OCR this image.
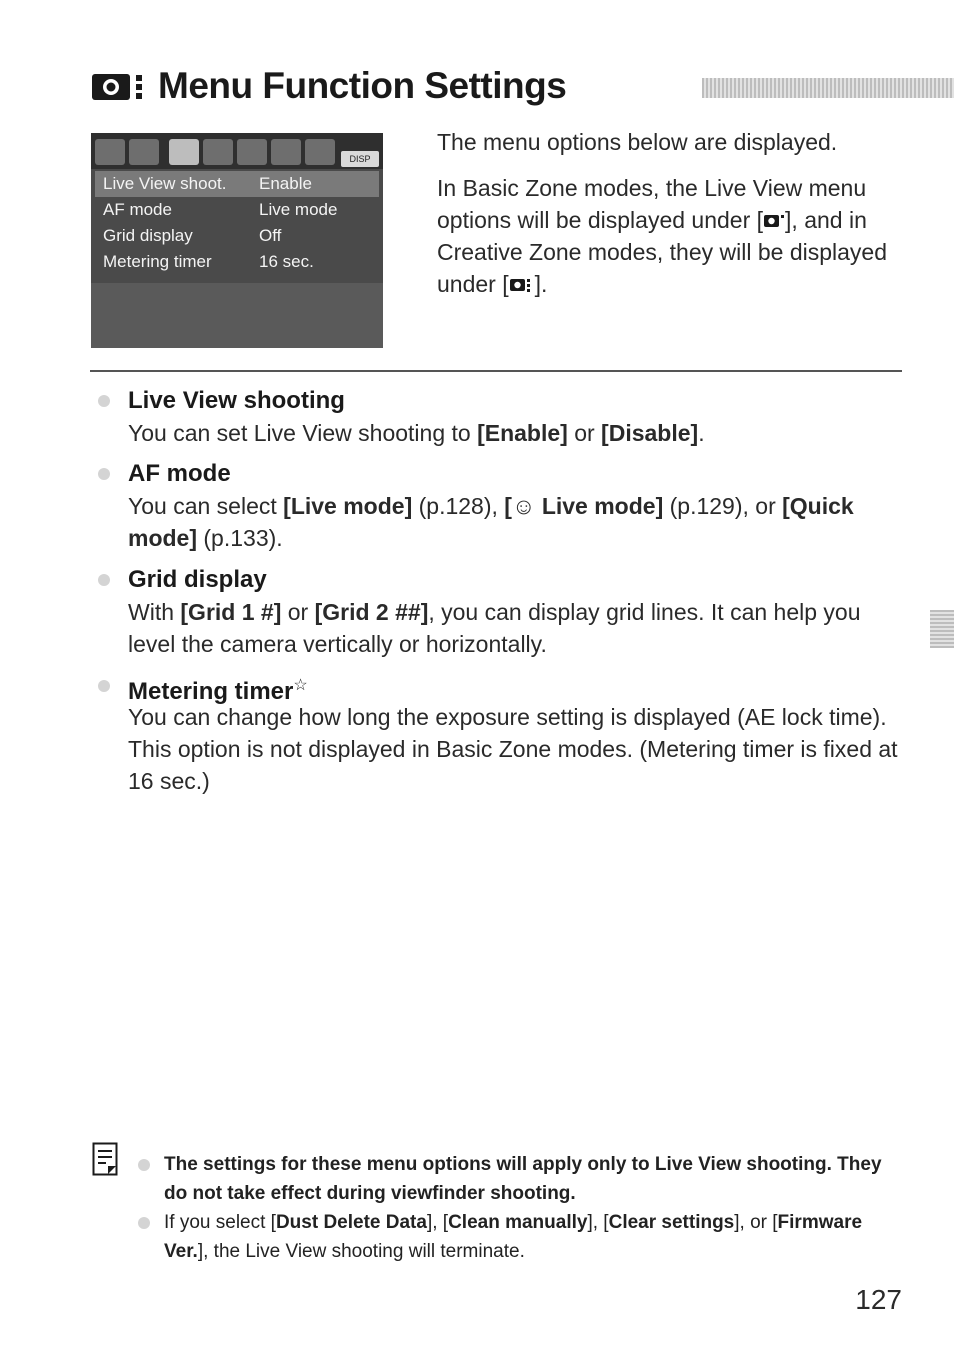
Menu Function Settings
DISP
Live View shoot. Enable
AF mode	Live mode
Grid display	Off
Metering timer	16 sec.
The menu options below are displayed.
In Basic Zone modes, the Live View menu options will be displayed under [ ], and in Creative Zone modes, they will be displayed under [ ].
Live View shooting
You can set Live View shooting to [Enable] or [Disable].
AF mode
You can select [Live mode] (p.128), [☺ Live mode] (p.129), or [Quick mode] (p.133).
Grid display
With [Grid 1 #] or [Grid 2 ##], you can display grid lines. It can help you level the camera vertically or horizontally.
Metering timer☆
You can change how long the exposure setting is displayed (AE lock time). This option is not displayed in Basic Zone modes. (Metering timer is fixed at 16 sec.)
The settings for these menu options will apply only to Live View shooting. They do not take effect during viewfinder shooting.
If you select [Dust Delete Data], [Clean manually], [Clear settings], or [Firmware Ver.], the Live View shooting will terminate.
127
